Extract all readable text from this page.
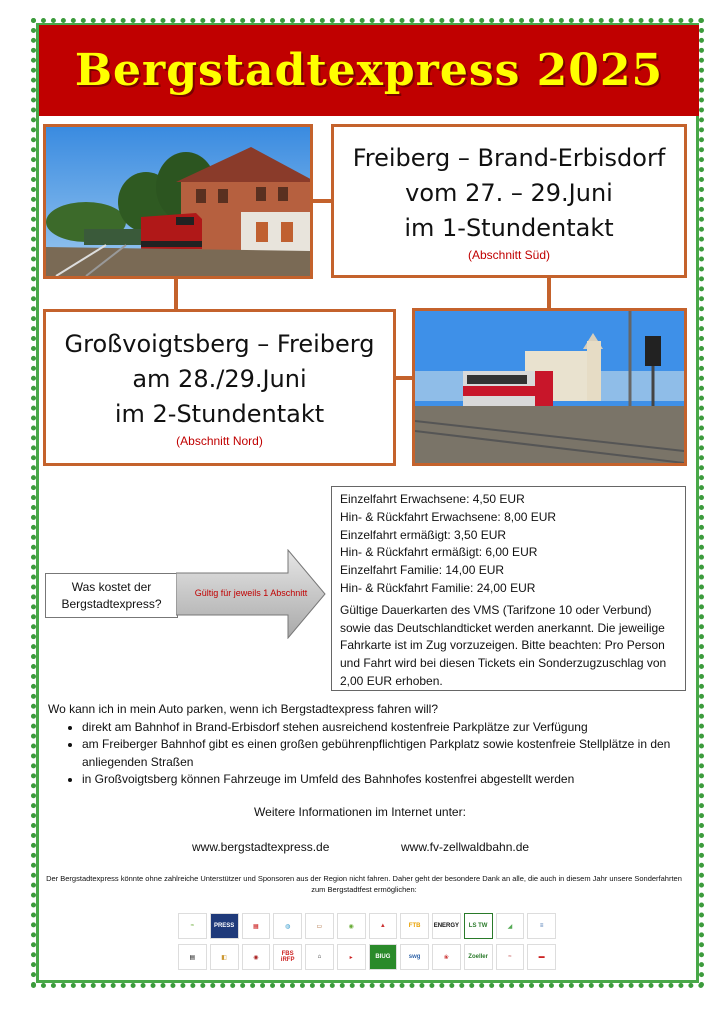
Bergstadtexpress 2025
Freiberg – Brand-Erbisdorf
vom 27. – 29.Juni
im 1-Stundentakt
(Abschnitt Süd)
Großvoigtsberg – Freiberg
am 28./29.Juni
im 2-Stundentakt
(Abschnitt Nord)
Was kostet der
Bergstadtexpress?
Gültig für jeweils 1 Abschnitt

Einzelfahrt Erwachsene: 4,50 EUR

Hin- & Rückfahrt Erwachsene: 8,00 EUR

Einzelfahrt ermäßigt: 3,50 EUR

Hin- & Rückfahrt ermäßigt: 6,00 EUR

Einzelfahrt Familie: 14,00 EUR

Hin- & Rückfahrt Familie: 24,00 EUR

Gültige Dauerkarten des VMS (Tarifzone 10 oder Verbund) sowie das Deutschlandticket werden anerkannt. Die jeweilige Fahrkarte ist im Zug vorzuzeigen. Bitte beachten: Pro Person und Fahrt wird bei diesen Tickets ein Sonderzugzuschlag von 2,00 EUR erhoben.

Wo kann ich in mein Auto parken, wenn ich Bergstadtexpress fahren will?
• direkt am Bahnhof in Brand-Erbisdorf stehen ausreichend kostenfreie Parkplätze zur Verfügung
• am Freiberger Bahnhof gibt es einen großen gebührenpflichtigen Parkplatz sowie kostenfreie Stellplätze in den anliegenden Straßen
• in Großvoigtsberg können Fahrzeuge im Umfeld des Bahnhofes kostenfrei abgestellt werden
Weitere Informationen im Internet unter:
www.bergstadtexpress.de	www.fv-zellwaldbahn.de
Der Bergstadtexpress könnte ohne zahlreiche Unterstützer und Sponsoren aus der Region nicht fahren. Daher geht der besondere Dank an alle, die auch in diesem Jahr unsere Sonderfahrten zum Bergstadtfest ermöglichen:
≈	PRESS	▦	◍	▭	◉	▲	FTB	ENERGY	LS TW	◢	≡
▤	◧	◉
FBS iRFP	⌂	▸	BIUG	swg	❀	Zoeller	≈	▬
